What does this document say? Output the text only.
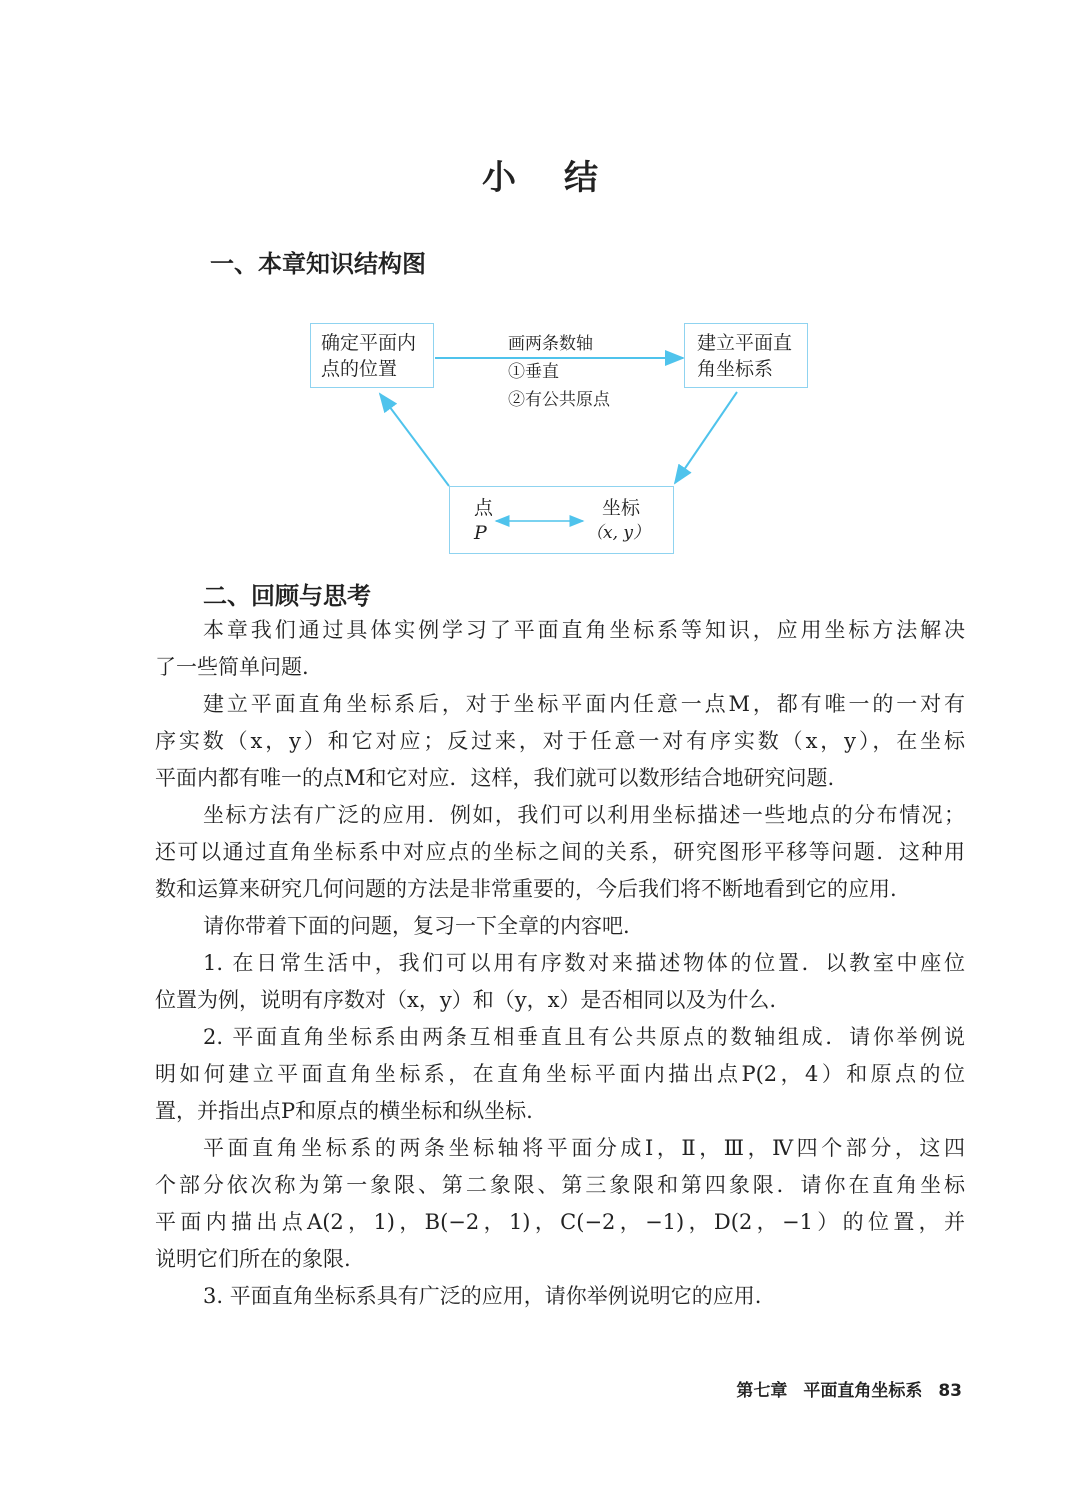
小结
一、本章知识结构图
确定平面内
点的位置
建立平面直
角坐标系
画两条数轴
①垂直
②有公共原点
点
P
坐标
（x, y）
二、回顾与思考
本章我们通过具体实例学习了平面直角坐标系等知识，应用坐标方法解决
了一些简单问题.
建立平面直角坐标系后，对于坐标平面内任意一点M，都有唯一的一对有
序实数（x，y）和它对应；反过来，对于任意一对有序实数（x，y），在坐标
平面内都有唯一的点M和它对应．这样，我们就可以数形结合地研究问题.
坐标方法有广泛的应用．例如，我们可以利用坐标描述一些地点的分布情况；
还可以通过直角坐标系中对应点的坐标之间的关系，研究图形平移等问题．这种用
数和运算来研究几何问题的方法是非常重要的，今后我们将不断地看到它的应用.
请你带着下面的问题，复习一下全章的内容吧.
1. 在日常生活中，我们可以用有序数对来描述物体的位置．以教室中座位
位置为例，说明有序数对（x，y）和（y，x）是否相同以及为什么.
2. 平面直角坐标系由两条互相垂直且有公共原点的数轴组成．请你举例说
明如何建立平面直角坐标系，在直角坐标平面内描出点P(2，4）和原点的位
置，并指出点P和原点的横坐标和纵坐标.
平面直角坐标系的两条坐标轴将平面分成Ⅰ，Ⅱ，Ⅲ，Ⅳ四个部分，这四
个部分依次称为第一象限、第二象限、第三象限和第四象限．请你在直角坐标
平面内描出点A(2，1)，B(−2，1)，C(−2，−1)，D(2，−1）的位置，并
说明它们所在的象限.
3. 平面直角坐标系具有广泛的应用，请你举例说明它的应用.
第七章 平面直角坐标系 83
